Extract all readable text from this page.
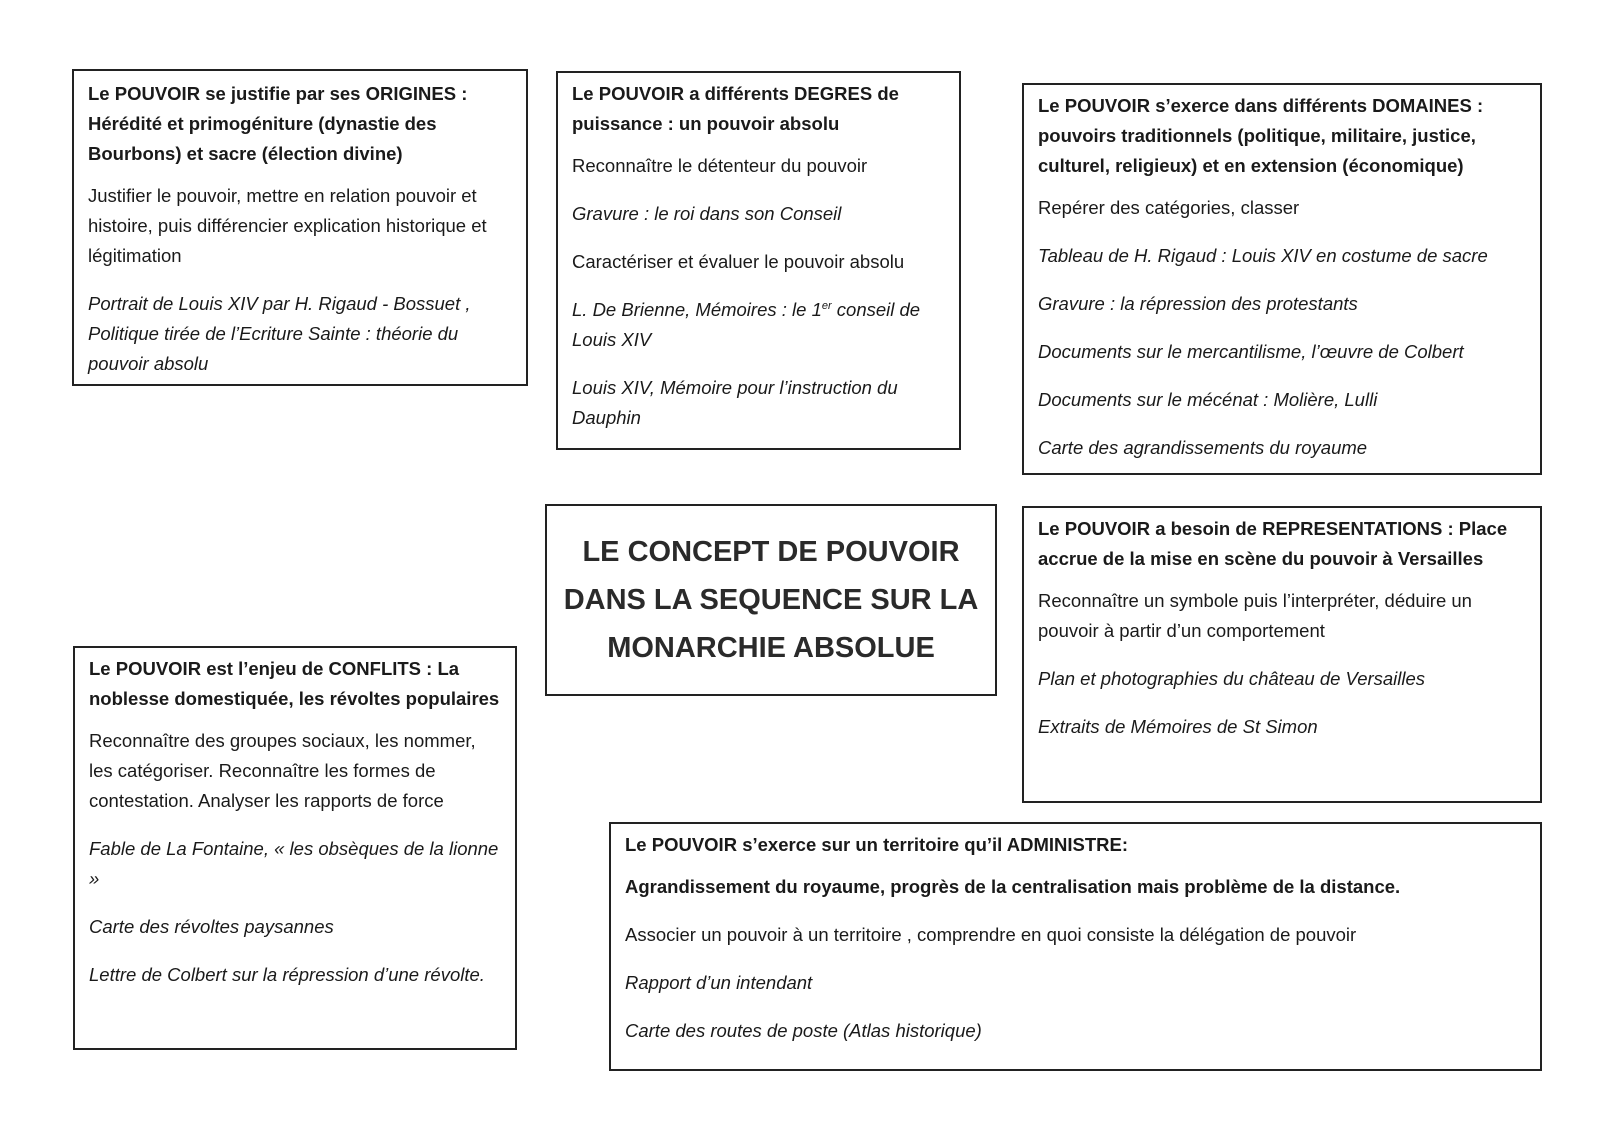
Le POUVOIR se justifie par ses ORIGINES : Hérédité et primogéniture (dynastie des Bourbons) et sacre (élection divine)

Justifier le pouvoir, mettre en relation pouvoir et histoire, puis différencier explication historique et légitimation

Portrait de Louis XIV par H. Rigaud - Bossuet , Politique tirée de l’Ecriture Sainte : théorie du pouvoir absolu

Le POUVOIR a différents DEGRES de puissance : un pouvoir absolu

Reconnaître le détenteur du pouvoir

Gravure : le roi dans son Conseil

Caractériser et évaluer le pouvoir absolu

L. De Brienne, Mémoires : le 1er conseil de Louis XIV

Louis XIV, Mémoire pour l’instruction du Dauphin

Le POUVOIR s’exerce dans différents DOMAINES : pouvoirs traditionnels (politique, militaire, justice, culturel, religieux) et en extension (économique)

Repérer des catégories, classer

Tableau de H. Rigaud : Louis XIV en costume de sacre

Gravure : la répression des protestants

Documents sur le mercantilisme, l’œuvre de Colbert

Documents sur le mécénat : Molière, Lulli

Carte des agrandissements du royaume

LE CONCEPT DE POUVOIR
DANS LA SEQUENCE SUR LA
MONARCHIE ABSOLUE

Le POUVOIR a besoin de REPRESENTATIONS : Place accrue de la mise en scène du pouvoir à Versailles

Reconnaître un symbole puis l’interpréter, déduire un pouvoir à partir d’un comportement

Plan et photographies du château de Versailles

Extraits de Mémoires de St Simon

Le POUVOIR est l’enjeu de CONFLITS : La noblesse domestiquée, les révoltes populaires

Reconnaître des groupes sociaux, les nommer, les catégoriser. Reconnaître les formes de contestation. Analyser les rapports de force

Fable de La Fontaine, « les obsèques de la lionne »

Carte des révoltes paysannes

Lettre de Colbert sur la répression d’une révolte.

Le POUVOIR s’exerce sur un territoire qu’il ADMINISTRE:

Agrandissement du royaume, progrès de la centralisation mais problème de la distance.

Associer un pouvoir à un territoire , comprendre en quoi consiste la délégation de pouvoir

Rapport d’un intendant

Carte des routes de poste (Atlas historique)
